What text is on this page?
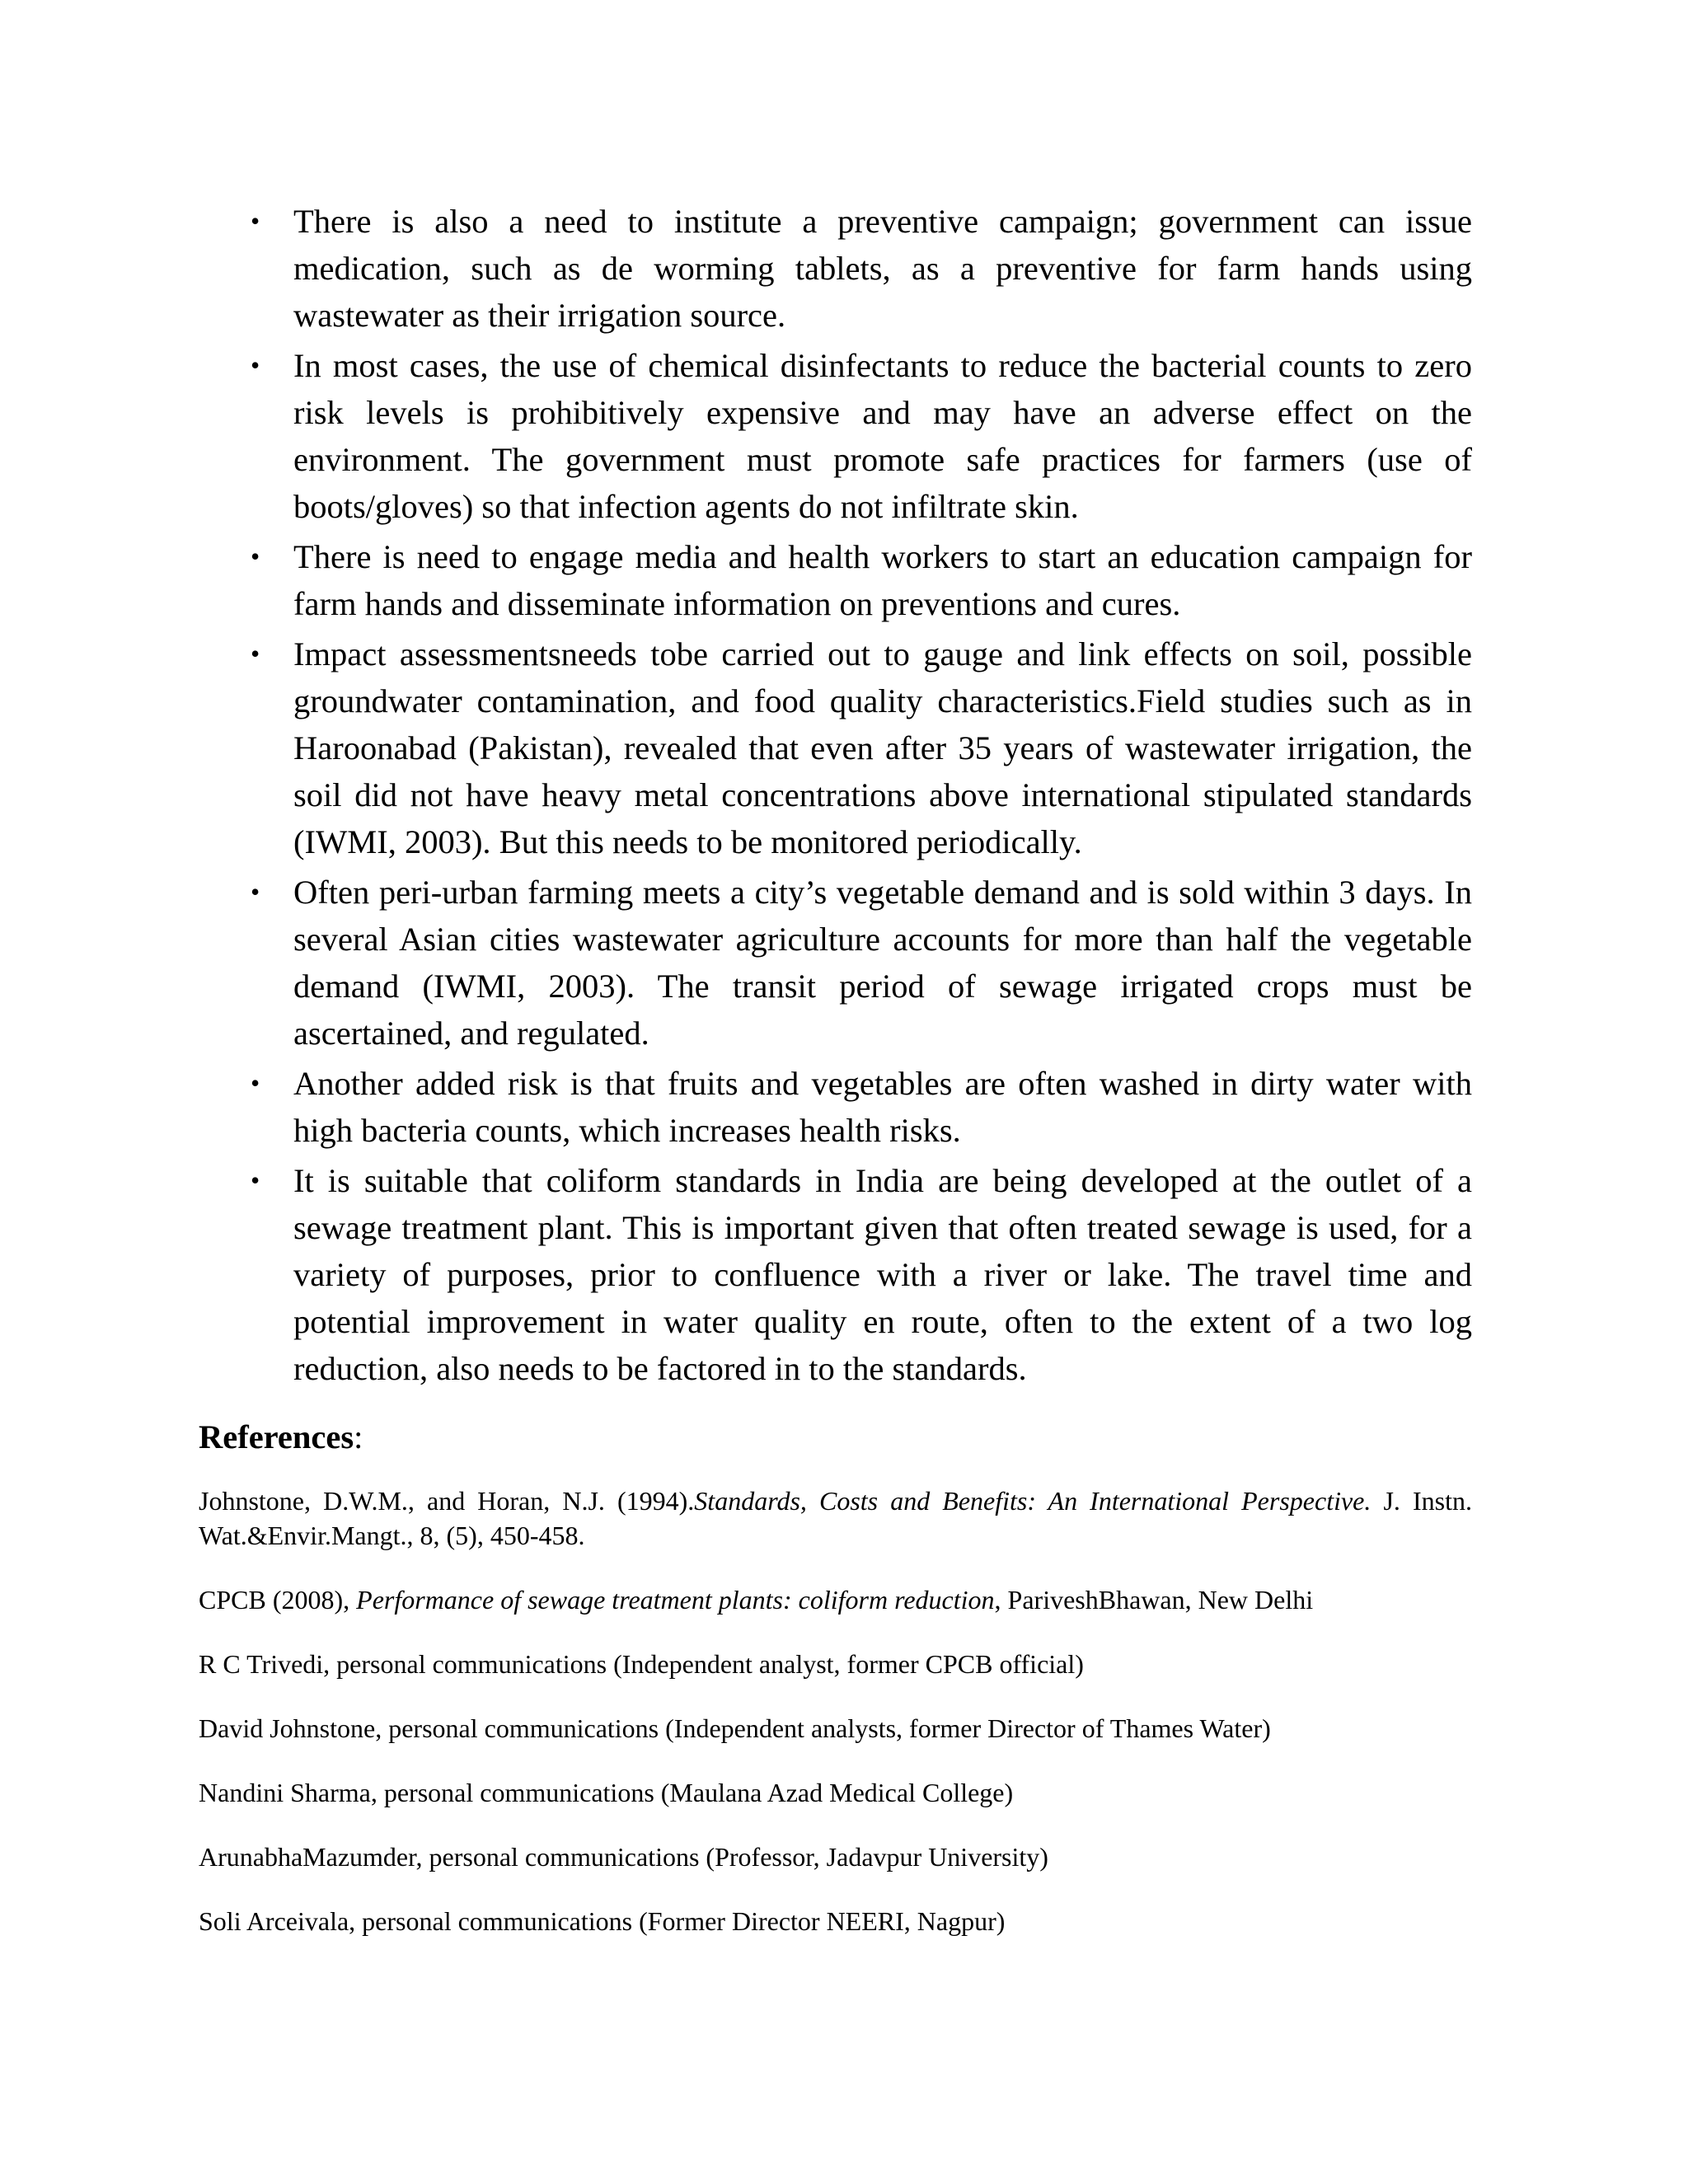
• There is also a need to institute a preventive campaign; government can issue medication, such as de worming tablets, as a preventive for farm hands using wastewater as their irrigation source.
• In most cases, the use of chemical disinfectants to reduce the bacterial counts to zero risk levels is prohibitively expensive and may have an adverse effect on the environment. The government must promote safe practices for farmers (use of boots/gloves) so that infection agents do not infiltrate skin.
• There is need to engage media and health workers to start an education campaign for farm hands and disseminate information on preventions and cures.
• Impact assessmentsneeds tobe carried out to gauge and link effects on soil, possible groundwater contamination, and food quality characteristics.Field studies such as in Haroonabad (Pakistan), revealed that even after 35 years of wastewater irrigation, the soil did not have heavy metal concentrations above international stipulated standards (IWMI, 2003). But this needs to be monitored periodically.
• Often peri-urban farming meets a city’s vegetable demand and is sold within 3 days. In several Asian cities wastewater agriculture accounts for more than half the vegetable demand (IWMI, 2003). The transit period of sewage irrigated crops must be ascertained, and regulated.
• Another added risk is that fruits and vegetables are often washed in dirty water with high bacteria counts, which increases health risks.
• It is suitable that coliform standards in India are being developed at the outlet of a sewage treatment plant. This is important given that often treated sewage is used, for a variety of purposes, prior to confluence with a river or lake. The travel time and potential improvement in water quality en route, often to the extent of a two log reduction, also needs to be factored in to the standards.
References:
Johnstone, D.W.M., and Horan, N.J. (1994).Standards, Costs and Benefits: An International Perspective. J. Instn. Wat.&Envir.Mangt., 8, (5), 450-458.
CPCB (2008), Performance of sewage treatment plants: coliform reduction, PariveshBhawan, New Delhi
R C Trivedi, personal communications (Independent analyst, former CPCB official)
David Johnstone, personal communications (Independent analysts, former Director of Thames Water)
Nandini Sharma, personal communications (Maulana Azad Medical College)
ArunabhaMazumder, personal communications (Professor, Jadavpur University)
Soli Arceivala, personal communications (Former Director NEERI, Nagpur)
